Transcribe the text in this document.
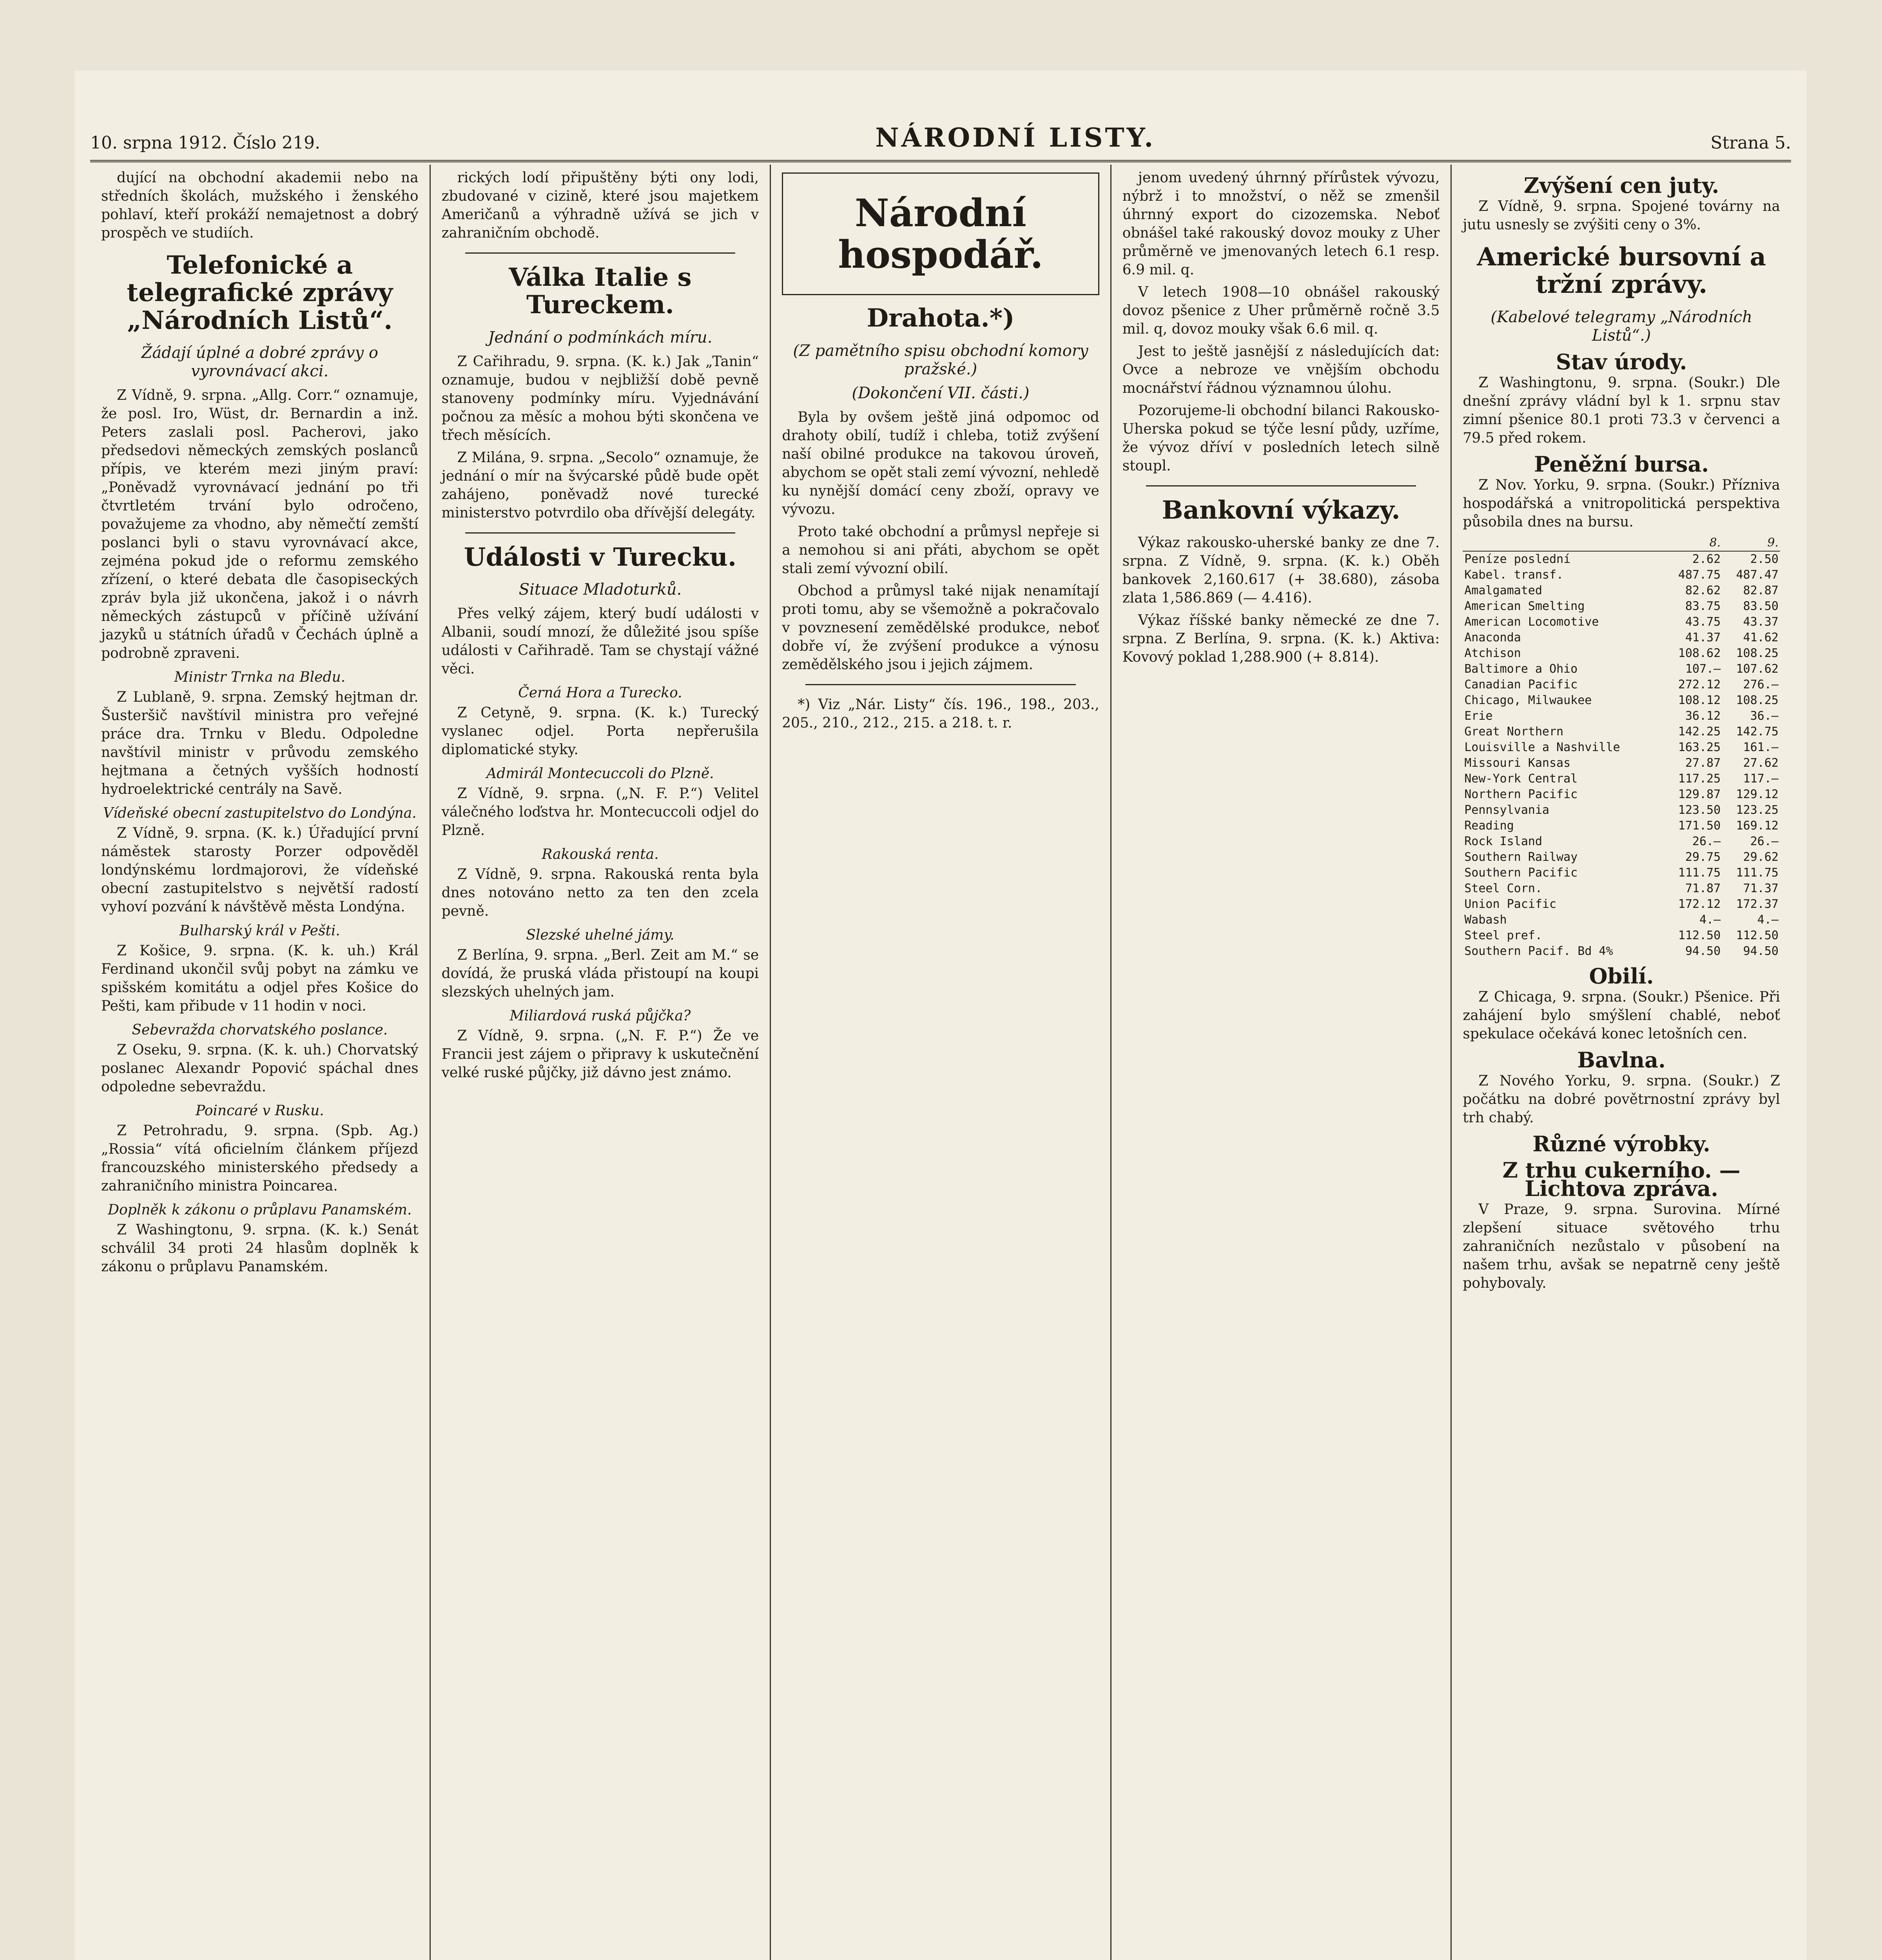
10. srpna 1912. Číslo 219.	NÁRODNÍ LISTY.	Strana 5.

dující na obchodní akademii nebo na středních školách, mužského i ženského pohlaví, kteří prokáží nemajetnost a dobrý prospěch ve studiích.

Telefonické a telegrafické zprávy „Národních Listů“.
Žádají úplné a dobré zprávy o vyrovnávací akci.

Z Vídně, 9. srpna. „Allg. Corr.“ oznamuje, že posl. Iro, Wüst, dr. Bernardin a inž. Peters zaslali posl. Pacherovi, jako předsedovi německých zemských poslanců přípis, ve kterém mezi jiným praví: „Poněvadž vyrovnávací jednání po tři čtvrtletém trvání bylo odročeno, považujeme za vhodno, aby němečtí zemští poslanci byli o stavu vyrovnávací akce, zejména pokud jde o reformu zemského zřízení, o které debata dle časopiseckých zpráv byla již ukončena, jakož i o návrh německých zástupců v příčině užívání jazyků u státních úřadů v Čechách úplně a podrobně zpraveni.

Ministr Trnka na Bledu.

Z Lublaně, 9. srpna. Zemský hejtman dr. Šusteršič navštívil ministra pro veřejné práce dra. Trnku v Bledu. Odpoledne navštívil ministr v průvodu zemského hejtmana a četných vyšších hodností hydroelektrické centrály na Savě.

Vídeňské obecní zastupitelstvo do Londýna.

Z Vídně, 9. srpna. (K. k.) Úřadující první náměstek starosty Porzer odpověděl londýnskému lordmajorovi, že vídeňské obecní zastupitelstvo s největší radostí vyhoví pozvání k návštěvě města Londýna.

Bulharský král v Pešti.

Z Košice, 9. srpna. (K. k. uh.) Král Ferdinand ukončil svůj pobyt na zámku ve spišském komitátu a odjel přes Košice do Pešti, kam přibude v 11 hodin v noci.

Sebevražda chorvatského poslance.

Z Oseku, 9. srpna. (K. k. uh.) Chorvatský poslanec Alexandr Popović spáchal dnes odpoledne sebevraždu.

Poincaré v Rusku.

Z Petrohradu, 9. srpna. (Spb. Ag.) „Rossia“ vítá oficielním článkem příjezd francouzského ministerského předsedy a zahraničního ministra Poincarea.

Doplněk k zákonu o průplavu Panamském.

Z Washingtonu, 9. srpna. (K. k.) Senát schválil 34 proti 24 hlasům doplněk k zákonu o průplavu Panamském.

rických lodí připuštěny býti ony lodi, zbudované v cizině, které jsou majetkem Američanů a výhradně užívá se jich v zahraničním obchodě.

Válka Italie s Tureckem.
Jednání o podmínkách míru.

Z Cařihradu, 9. srpna. (K. k.) Jak „Tanin“ oznamuje, budou v nejbližší době pevně stanoveny podmínky míru. Vyjednávání počnou za měsíc a mohou býti skončena ve třech měsících.

Z Milána, 9. srpna. „Secolo“ oznamuje, že jednání o mír na švýcarské půdě bude opět zahájeno, poněvadž nové turecké ministerstvo potvrdilo oba dřívější delegáty.

Události v Turecku.
Situace Mladoturků.

Přes velký zájem, který budí události v Albanii, soudí mnozí, že důležité jsou spíše události v Cařihradě. Tam se chystají vážné věci.

Černá Hora a Turecko.

Z Cetyně, 9. srpna. (K. k.) Turecký vyslanec odjel. Porta nepřerušila diplomatické styky.

Admirál Montecuccoli do Plzně.

Z Vídně, 9. srpna. („N. F. P.“) Velitel válečného loďstva hr. Montecuccoli odjel do Plzně.

Rakouská renta.

Z Vídně, 9. srpna. Rakouská renta byla dnes notováno netto za ten den zcela pevně.

Slezské uhelné jámy.

Z Berlína, 9. srpna. „Berl. Zeit am M.“ se dovídá, že pruská vláda přistoupí na koupi slezských uhelných jam.

Miliardová ruská půjčka?

Z Vídně, 9. srpna. („N. F. P.“) Že ve Francii jest zájem o připravy k uskutečnění velké ruské půjčky, již dávno jest známo.

Národní hospodář.
Drahota.*)
(Z pamětního spisu obchodní komory pražské.)
(Dokončení VII. části.)

Byla by ovšem ještě jiná odpomoc od drahoty obilí, tudíž i chleba, totiž zvýšení naší obilné produkce na takovou úroveň, abychom se opět stali zemí vývozní, nehledě ku nynější domácí ceny zboží, opravy ve vývozu.

Proto také obchodní a průmysl nepřeje si a nemohou si ani přáti, abychom se opět stali zemí vývozní obilí.

Obchod a průmysl také nijak nenamítají proti tomu, aby se všemožně a pokračovalo v povznesení zemědělské produkce, neboť dobře ví, že zvýšení produkce a výnosu zemědělského jsou i jejich zájmem.

*) Viz „Nár. Listy“ čís. 196., 198., 203., 205., 210., 212., 215. a 218. t. r.

jenom uvedený úhrnný přírůstek vývozu, nýbrž i to množství, o něž se zmenšil úhrnný export do cizozemska. Neboť obnášel také rakouský dovoz mouky z Uher průměrně ve jmenovaných letech 6.1 resp. 6.9 mil. q.

V letech 1908—10 obnášel rakouský dovoz pšenice z Uher průměrně ročně 3.5 mil. q, dovoz mouky však 6.6 mil. q.

Jest to ještě jasnější z následujících dat: Ovce a nebroze ve vnějším obchodu mocnářství řádnou významnou úlohu.

Pozorujeme-li obchodní bilanci Rakousko-Uherska pokud se týče lesní půdy, uzříme, že vývoz dříví v posledních letech silně stoupl.

Bankovní výkazy.

Výkaz rakousko-uherské banky ze dne 7. srpna. Z Vídně, 9. srpna. (K. k.) Oběh bankovek 2,160.617 (+ 38.680), zásoba zlata 1,586.869 (— 4.416).

Výkaz říšské banky německé ze dne 7. srpna. Z Berlína, 9. srpna. (K. k.) Aktiva: Kovový poklad 1,288.900 (+ 8.814).

Zvýšení cen juty.

Z Vídně, 9. srpna. Spojené továrny na jutu usnesly se zvýšiti ceny o 3%.

Americké bursovní a tržní zprávy.
(Kabelové telegramy „Národních Listů“.)
Stav úrody.

Z Washingtonu, 9. srpna. (Soukr.) Dle dnešní zprávy vládní byl k 1. srpnu stav zimní pšenice 80.1 proti 73.3 v červenci a 79.5 před rokem.

Peněžní bursa.

Z Nov. Yorku, 9. srpna. (Soukr.) Přízniva hospodářská a vnitropolitická perspektiva působila dnes na bursu.

	8.	9.
Peníze poslední	2.62	2.50
Kabel. transf.	487.75	487.47
Amalgamated	82.62	82.87
American Smelting	83.75	83.50
American Locomotive	43.75	43.37
Anaconda	41.37	41.62
Atchison	108.62	108.25
Baltimore a Ohio	107.—	107.62
Canadian Pacific	272.12	276.—
Chicago, Milwaukee	108.12	108.25
Erie	36.12	36.—
Great Northern	142.25	142.75
Louisville a Nashville	163.25	161.—
Missouri Kansas	27.87	27.62
New-York Central	117.25	117.—
Northern Pacific	129.87	129.12
Pennsylvania	123.50	123.25
Reading	171.50	169.12
Rock Island	26.—	26.—
Southern Railway	29.75	29.62
Southern Pacific	111.75	111.75
Steel Corn.	71.87	71.37
Union Pacific	172.12	172.37
Wabash	4.—	4.—
Steel pref.	112.50	112.50
Southern Pacif. Bd 4%	94.50	94.50
Obilí.

Z Chicaga, 9. srpna. (Soukr.) Pšenice. Při zahájení bylo smýšlení chablé, neboť spekulace očekává konec letošních cen.

Bavlna.

Z Nového Yorku, 9. srpna. (Soukr.) Z počátku na dobré povětrnostní zprávy byl trh chabý.

Různé výrobky.
Z trhu cukerního. — Lichtova zpráva.

V Praze, 9. srpna. Surovina. Mírné zlepšení situace světového trhu zahraničních nezůstalo v působení na našem trhu, avšak se nepatrně ceny ještě pohybovaly.
